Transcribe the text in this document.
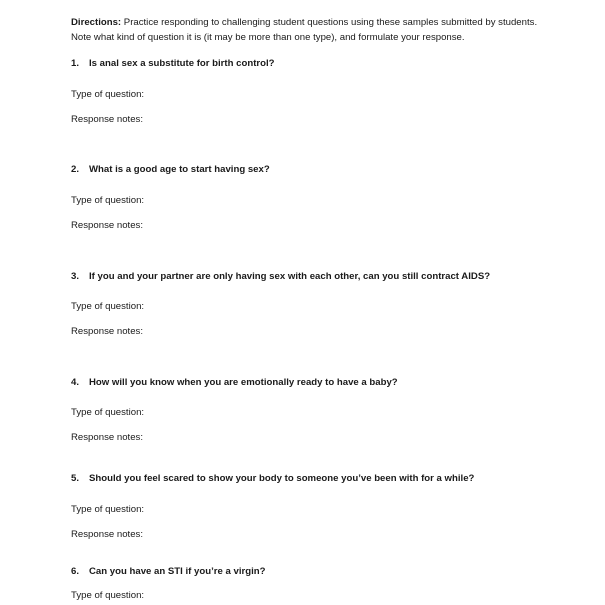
Directions: Practice responding to challenging student questions using these samples submitted by students. Note what kind of question it is (it may be more than one type), and formulate your response.

1. Is anal sex a substitute for birth control?
Type of question:
Response notes:
2. What is a good age to start having sex?
Type of question:
Response notes:
3. If you and your partner are only having sex with each other, can you still contract AIDS?
Type of question:
Response notes:
4. How will you know when you are emotionally ready to have a baby?
Type of question:
Response notes:
5. Should you feel scared to show your body to someone you’ve been with for a while?
Type of question:
Response notes:
6. Can you have an STI if you’re a virgin?
Type of question:
